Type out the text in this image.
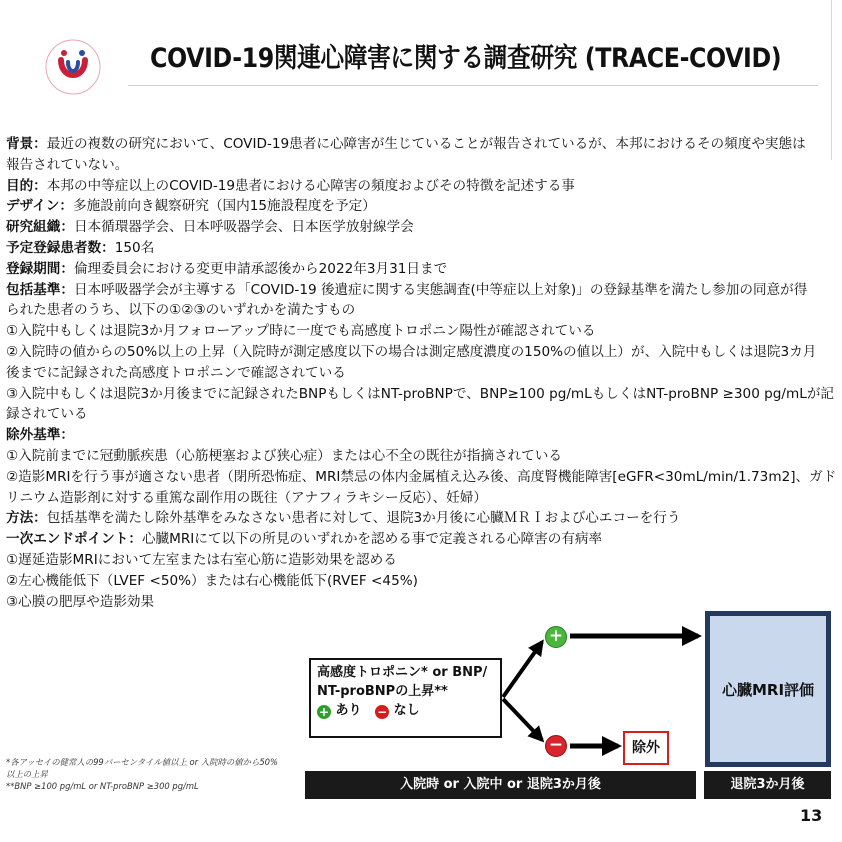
COVID-19関連心障害に関する調査研究 (TRACE-COVID)
背景：最近の複数の研究において、COVID-19患者に心障害が生じていることが報告されているが、本邦におけるその頻度や実態は
報告されていない。
目的：本邦の中等症以上のCOVID-19患者における心障害の頻度およびその特徴を記述する事
デザイン：多施設前向き観察研究（国内15施設程度を予定）
研究組織：日本循環器学会、日本呼吸器学会、日本医学放射線学会
予定登録患者数：150名
登録期間：倫理委員会における変更申請承認後から2022年3月31日まで
包括基準：日本呼吸器学会が主導する「COVID-19 後遺症に関する実態調査(中等症以上対象)」の登録基準を満たし参加の同意が得
られた患者のうち、以下の①②③のいずれかを満たすもの
①入院中もしくは退院3か月フォローアップ時に一度でも高感度トロポニン陽性が確認されている
②入院時の値からの50%以上の上昇（入院時が測定感度以下の場合は測定感度濃度の150%の値以上）が、入院中もしくは退院3カ月
後までに記録された高感度トロポニンで確認されている
③入院中もしくは退院3か月後までに記録されたBNPもしくはNT-proBNPで、BNP≥100 pg/mLもしくはNT-proBNP ≥300 pg/mLが記
録されている
除外基準：
①入院前までに冠動脈疾患（心筋梗塞および狭心症）または心不全の既往が指摘されている
②造影MRIを行う事が適さない患者（閉所恐怖症、MRI禁忌の体内金属植え込み後、高度腎機能障害[eGFR<30mL/min/1.73m2]、ガド
リニウム造影剤に対する重篤な副作用の既往（アナフィラキシー反応）、妊婦）
方法：包括基準を満たし除外基準をみなさない患者に対して、退院3か月後に心臓ＭＲＩおよび心エコーを行う
一次エンドポイント：心臓MRIにて以下の所見のいずれかを認める事で定義される心障害の有病率
①遅延造影MRIにおいて左室または右室心筋に造影効果を認める
②左心機能低下（LVEF <50%）または右心機能低下(RVEF <45%)
③心膜の肥厚や造影効果
高感度トロポニン* or BNP/
NT-proBNPの上昇**
+ あり − なし
+
−
心臓MRI評価
除外
入院時 or 入院中 or 退院3か月後	退院3か月後
*各アッセイの健常人の99パーセンタイル値以上 or 入院時の値から50%
以上の上昇
**BNP ≥100 pg/mL or NT-proBNP ≥300 pg/mL
13
